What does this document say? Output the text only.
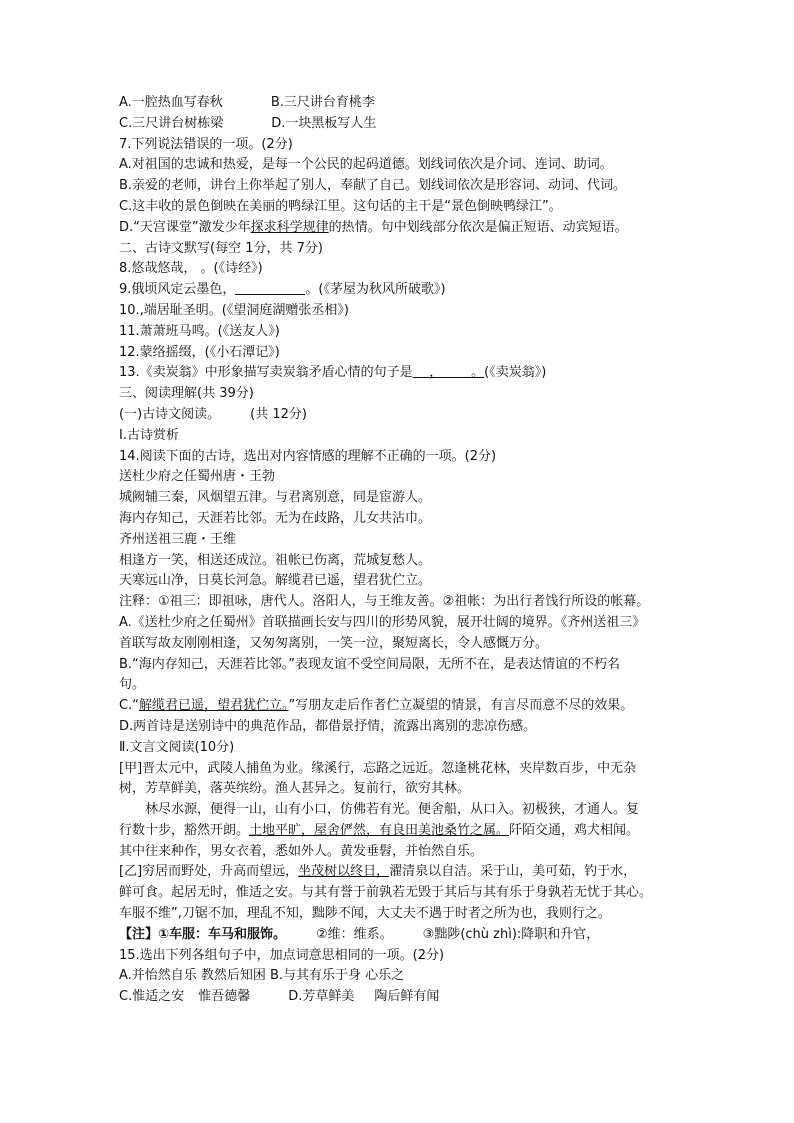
A.一腔热血写春秋	B.三尺讲台育桃李
C.三尺讲台树栋梁	D.一块黑板写人生
7.下列说法错误的一项。(2分)
A.对祖国的忠诚和热爱，是每一个公民的起码道德。划线词依次是介词、连词、助词。
B.亲爱的老师，讲台上你举起了别人，奉献了自己。划线词依次是形容词、动词、代词。
C.这丰收的景色倒映在美丽的鸭绿江里。这句话的主干是“景色倒映鸭绿江”。
D.“天宫课堂”激发少年探求科学规律的热情。句中划线部分依次是偏正短语、动宾短语。
二、古诗文默写(每空 1分，共 7分)
8.悠哉悠哉， 。(《诗经》)
9.俄顷风定云墨色，	。(《茅屋为秋风所破歌》)
10.,端居耻圣明。(《望洞庭湖赠张丞相》)
11.萧萧班马鸣。(《送友人》)
12.蒙络摇缀，(《小石潭记》)
13.《卖炭翁》中形象描写卖炭翁矛盾心情的句子是    ，       。(《卖炭翁》)
三、阅读理解(共 39分)
(一)古诗文阅读。 (共 12分)
I.古诗赏析
14.阅读下面的古诗，选出对内容情感的理解不正确的一项。(2分)
送杜少府之任蜀州唐・王勃
城阙辅三秦，风烟望五津。与君离别意，同是宦游人。
海内存知己，天涯若比邻。无为在歧路，儿女共沾巾。
齐州送祖三鹿・王维
相逢方一笑，相送还成泣。祖帐已伤离，荒城复愁人。
天寒远山净，日莫长河急。解缆君已遥，望君犹伫立。
注释：①祖三：即祖咏，唐代人。洛阳人，与王维友善。②祖帐：为出行者饯行所设的帐幕。
A.《送杜少府之任蜀州》首联描画长安与四川的形势风貌，展开壮阔的境界。《齐州送祖三》
首联写故友刚刚相逢，又匆匆离别，一笑一泣，聚短离长，令人感慨万分。
B.“海内存知己，天涯若比邻。”表现友谊不受空间局限，无所不在，是表达情谊的不朽名
句。
C.“解缆君已遥，望君犹伫立。”写朋友走后作者伫立凝望的情景，有言尽而意不尽的效果。
D.两首诗是送别诗中的典范作品，都借景抒情，流露出离别的悲凉伤感。
Ⅱ.文言文阅读(10分)
[甲]晋太元中，武陵人捕鱼为业。缘溪行，忘路之远近。忽逢桃花林，夹岸数百步，中无杂
树，芳草鲜美，落英缤纷。渔人甚异之。复前行，欲穷其林。
林尽水源，便得一山，山有小口，仿佛若有光。便舍船，从口入。初极狭，才通人。复
行数十步，豁然开朗。土地平旷，屋舍俨然，有良田美池桑竹之属。阡陌交通，鸡犬相闻。
其中往来种作，男女衣着，悉如外人。黄发垂髫，并怡然自乐。
[乙]穷居而野处，升高而望远，坐茂树以终日，濯清泉以自洁。采于山，美可茹，钓于水，
鲜可食。起居无时，惟适之安。与其有誉于前孰若无毁于其后与其有乐于身孰若无忧于其心。
车服不维”,刀锯不加，理乱不知，黜陟不闻，大丈夫不遇于时者之所为也，我则行之。
【注】①车服：车马和服饰。 ②维：维系。 ③黜陟(chù zhì):降职和升官，
15.选出下列各组句子中，加点词意思相同的一项。(2分)
A.并怡然自乐 教然后知困 B.与其有乐于身 心乐之
C.惟适之安 惟吾德馨	D.芳草鲜美 陶后鲜有闻
